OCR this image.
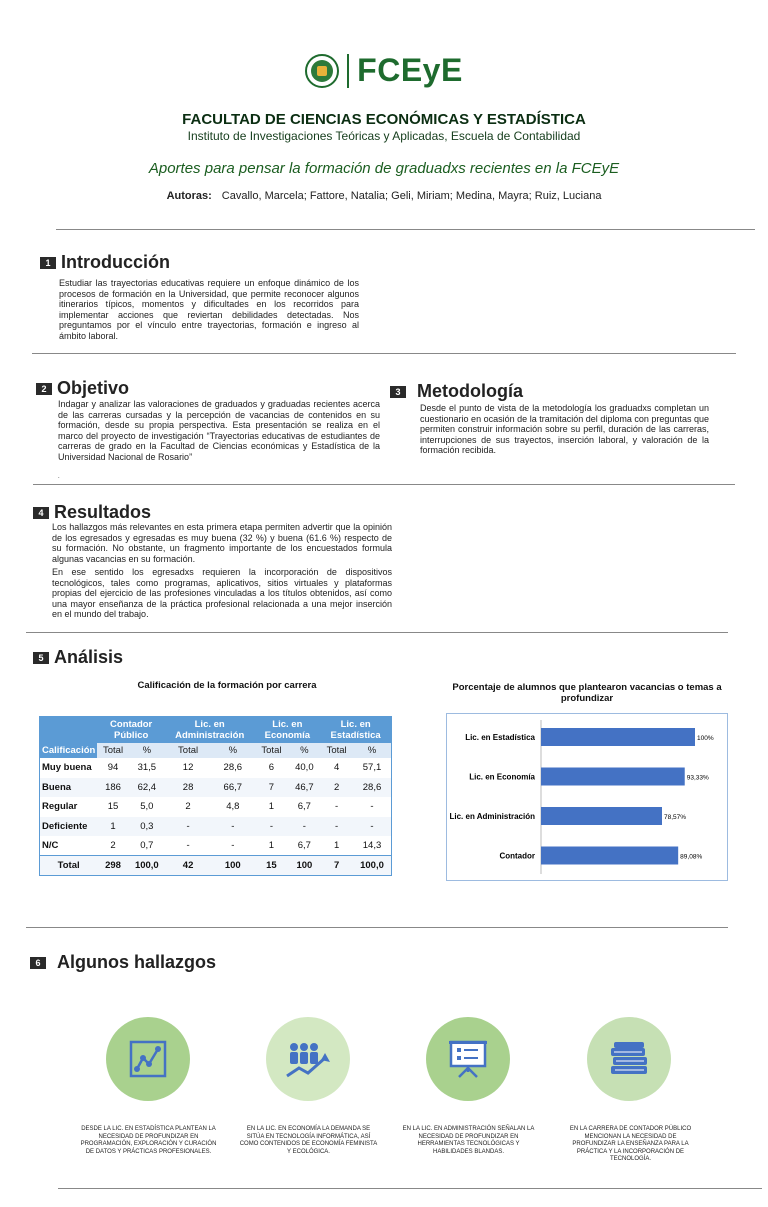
FCEyE
FACULTAD DE CIENCIAS ECONÓMICAS Y ESTADÍSTICA
Instituto de Investigaciones Teóricas y Aplicadas, Escuela de Contabilidad
Aportes para pensar la formación de graduadxs recientes en la FCEyE
Autoras: Cavallo, Marcela; Fattore, Natalia; Geli, Miriam; Medina, Mayra; Ruiz, Luciana
1 Introducción
Estudiar las trayectorias educativas requiere un enfoque dinámico de los procesos de formación en la Universidad, que permite reconocer algunos itinerarios típicos, momentos y dificultades en los recorridos para implementar acciones que reviertan debilidades detectadas. Nos preguntamos por el vínculo entre trayectorias, formación e ingreso al ámbito laboral.
2 Objetivo
Indagar y analizar las valoraciones de graduados y graduadas recientes acerca de las carreras cursadas y la percepción de vacancias de contenidos en su formación, desde su propia perspectiva. Esta presentación se realiza en el marco del proyecto de investigación “Trayectorias educativas de estudiantes de carreras de grado en la Facultad de Ciencias económicas y Estadística de la Universidad Nacional de Rosario”
.
3 Metodología
Desde el punto de vista de la metodología los graduadxs completan un cuestionario en ocasión de la tramitación del diploma con preguntas que permiten construir información sobre su perfil, duración de las carreras, interrupciones de sus trayectos, inserción laboral, y valoración de la formación recibida.
4 Resultados
Los hallazgos más relevantes en esta primera etapa permiten advertir que la opinión de los egresados y egresadas es muy buena (32 %) y buena (61.6 %) respecto de su formación. No obstante, un fragmento importante de los encuestados formula algunas vacancias en su formación.
En ese sentido los egresadxs requieren la incorporación de dispositivos tecnológicos, tales como programas, aplicativos, sitios virtuales y plataformas propias del ejercicio de las profesiones vinculadas a los títulos obtenidos, así como una mayor enseñanza de la práctica profesional relacionada a una mejor inserción en el mundo del trabajo.
5 Análisis
Calificación de la formación por carrera
	Contador Público		Lic. en Administración		Lic. en Economía		Lic. en Estadística	
Calificación	Total	%	Total	%	Total	%	Total	%
Muy buena	94	31,5	12	28,6	6	40,0	4	57,1
Buena	186	62,4	28	66,7	7	46,7	2	28,6
Regular	15	5,0	2	4,8	1	6,7	-	-
Deficiente	1	0,3	-	-	-	-	-	-
N/C	2	0,7	-	-	1	6,7	1	14,3
Total	298	100,0	42	100	15	100	7	100,0
Porcentaje de alumnos que plantearon vacancias o temas a profundizar
Lic. en Estadística	100%
Lic. en Economía	93,33%
Lic. en Administración	78,57%
Contador	89,08%
6 Algunos hallazgos
DESDE LA LIC. EN ESTADÍSTICA PLANTEAN LA NECESIDAD DE PROFUNDIZAR EN PROGRAMACIÓN, EXPLORACIÓN Y CURACIÓN DE DATOS Y PRÁCTICAS PROFESIONALES.
EN LA LIC. EN ECONOMÍA LA DEMANDA SE SITÚA EN TECNOLOGÍA INFORMÁTICA, ASÍ COMO CONTENIDOS DE ECONOMÍA FEMINISTA Y ECOLÓGICA.
EN LA LIC. EN ADMINISTRACIÓN SEÑALAN LA NECESIDAD DE PROFUNDIZAR EN HERRAMIENTAS TECNOLÓGICAS Y HABILIDADES BLANDAS.
EN LA CARRERA DE CONTADOR PÚBLICO MENCIONAN LA NECESIDAD DE PROFUNDIZAR LA ENSEÑANZA PARA LA PRÁCTICA Y LA INCORPORACIÓN DE TECNOLOGÍA.
